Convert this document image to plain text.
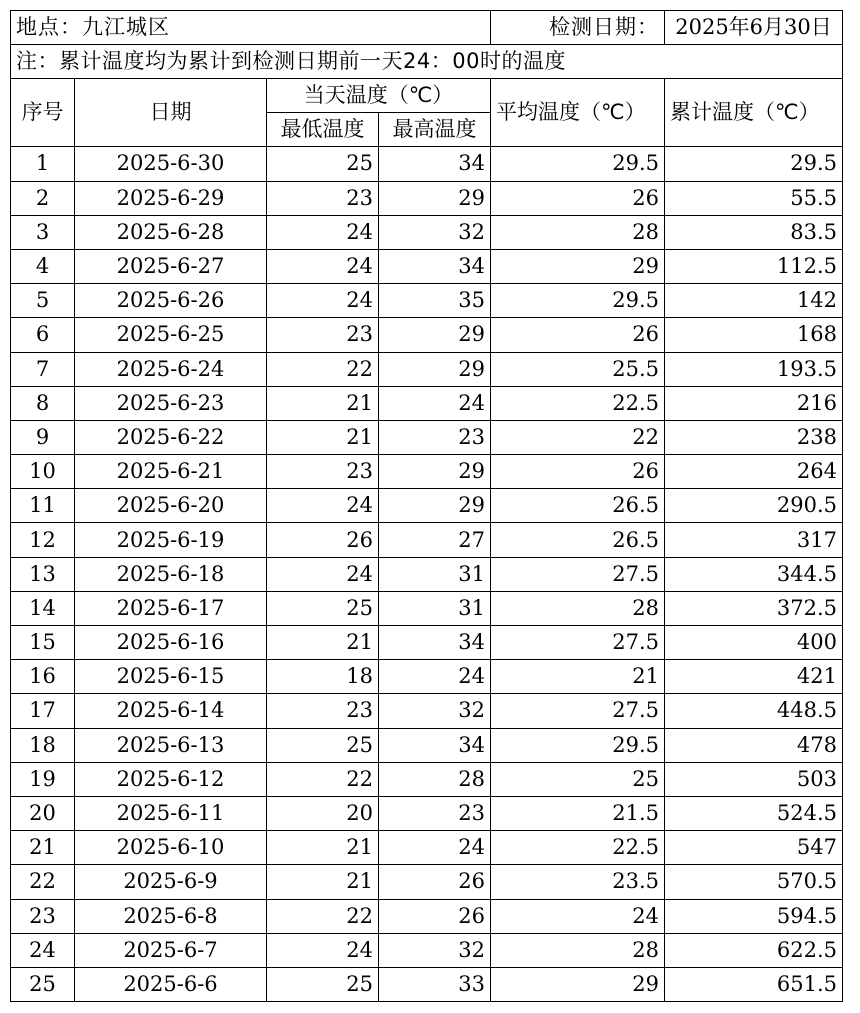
地点：九江城区				检测日期：	2025年6月30日
注：累计温度均为累计到检测日期前一天24：00时的温度					
序号	日期	当天温度（℃）		平均温度（℃）	累计温度（℃）
		最低温度	最高温度		
1	2025-6-30	25	34	29.5	29.5
2	2025-6-29	23	29	26	55.5
3	2025-6-28	24	32	28	83.5
4	2025-6-27	24	34	29	112.5
5	2025-6-26	24	35	29.5	142
6	2025-6-25	23	29	26	168
7	2025-6-24	22	29	25.5	193.5
8	2025-6-23	21	24	22.5	216
9	2025-6-22	21	23	22	238
10	2025-6-21	23	29	26	264
11	2025-6-20	24	29	26.5	290.5
12	2025-6-19	26	27	26.5	317
13	2025-6-18	24	31	27.5	344.5
14	2025-6-17	25	31	28	372.5
15	2025-6-16	21	34	27.5	400
16	2025-6-15	18	24	21	421
17	2025-6-14	23	32	27.5	448.5
18	2025-6-13	25	34	29.5	478
19	2025-6-12	22	28	25	503
20	2025-6-11	20	23	21.5	524.5
21	2025-6-10	21	24	22.5	547
22	2025-6-9	21	26	23.5	570.5
23	2025-6-8	22	26	24	594.5
24	2025-6-7	24	32	28	622.5
25	2025-6-6	25	33	29	651.5
